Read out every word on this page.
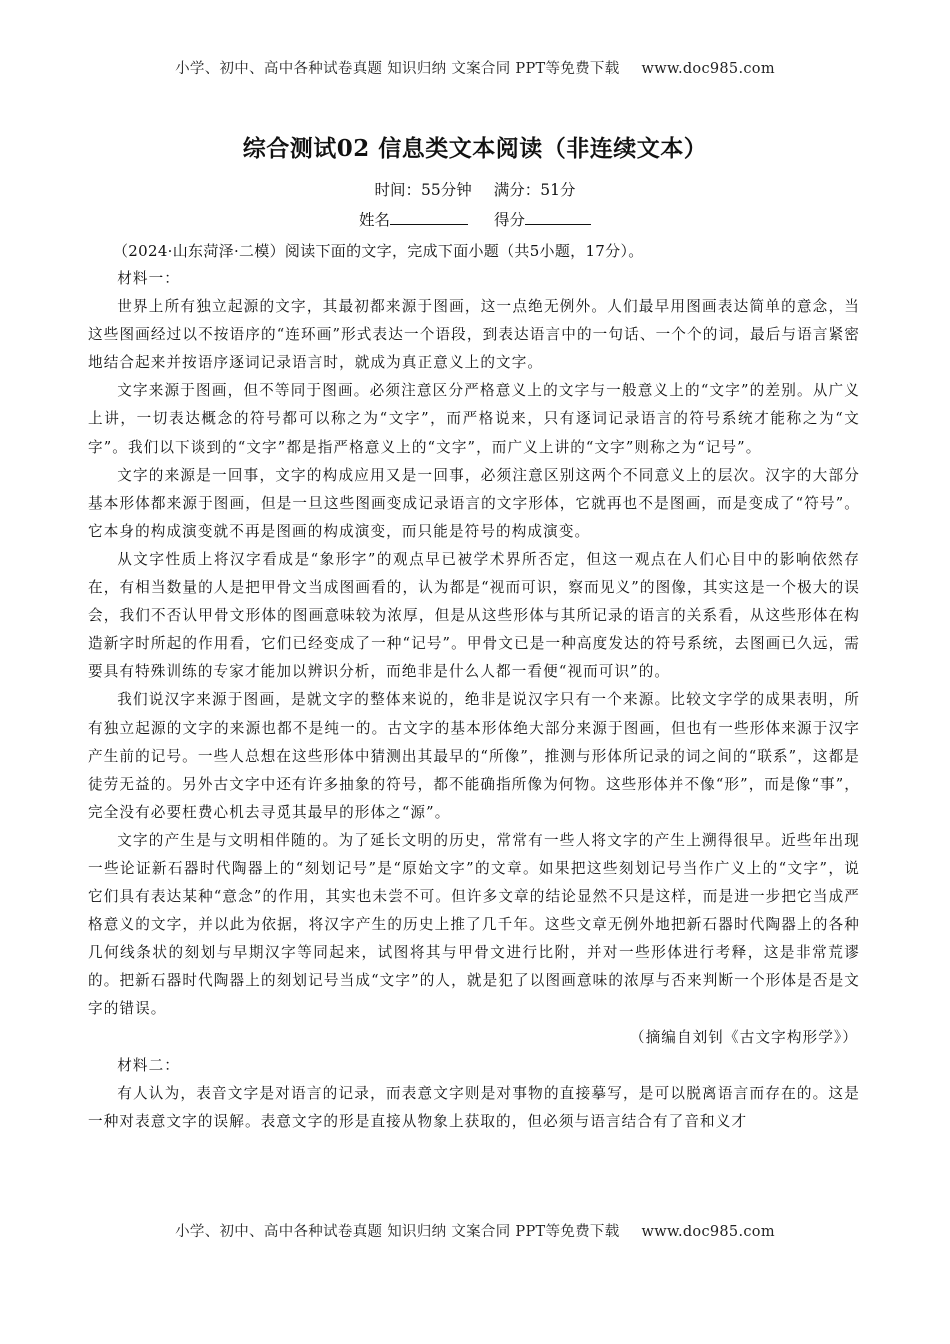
小学、初中、高中各种试卷真题 知识归纳 文案合同 PPT等免费下载 www.doc985.com
综合测试02 信息类文本阅读（非连续文本）
时间：55分钟 满分：51分
姓名	得分
（2024·山东菏泽·二模）阅读下面的文字，完成下面小题（共5小题，17分）。

材料一：

世界上所有独立起源的文字，其最初都来源于图画，这一点绝无例外。人们最早用图画表达简单的意念，当这些图画经过以不按语序的“连环画”形式表达一个语段，到表达语言中的一句话、一个个的词，最后与语言紧密地结合起来并按语序逐词记录语言时，就成为真正意义上的文字。

文字来源于图画，但不等同于图画。必须注意区分严格意义上的文字与一般意义上的“文字”的差别。从广义上讲，一切表达概念的符号都可以称之为“文字”，而严格说来，只有逐词记录语言的符号系统才能称之为“文字”。我们以下谈到的“文字”都是指严格意义上的“文字”，而广义上讲的“文字”则称之为“记号”。

文字的来源是一回事，文字的构成应用又是一回事，必须注意区别这两个不同意义上的层次。汉字的大部分基本形体都来源于图画，但是一旦这些图画变成记录语言的文字形体，它就再也不是图画，而是变成了“符号”。它本身的构成演变就不再是图画的构成演变，而只能是符号的构成演变。

从文字性质上将汉字看成是“象形字”的观点早已被学术界所否定，但这一观点在人们心目中的影响依然存在，有相当数量的人是把甲骨文当成图画看的，认为都是“视而可识，察而见义”的图像，其实这是一个极大的误会，我们不否认甲骨文形体的图画意味较为浓厚，但是从这些形体与其所记录的语言的关系看，从这些形体在构造新字时所起的作用看，它们已经变成了一种“记号”。甲骨文已是一种高度发达的符号系统，去图画已久远，需要具有特殊训练的专家才能加以辨识分析，而绝非是什么人都一看便“视而可识”的。

我们说汉字来源于图画，是就文字的整体来说的，绝非是说汉字只有一个来源。比较文字学的成果表明，所有独立起源的文字的来源也都不是纯一的。古文字的基本形体绝大部分来源于图画，但也有一些形体来源于汉字产生前的记号。一些人总想在这些形体中猜测出其最早的“所像”，推测与形体所记录的词之间的“联系”，这都是徒劳无益的。另外古文字中还有许多抽象的符号，都不能确指所像为何物。这些形体并不像“形”，而是像“事”，完全没有必要枉费心机去寻觅其最早的形体之“源”。

文字的产生是与文明相伴随的。为了延长文明的历史，常常有一些人将文字的产生上溯得很早。近些年出现一些论证新石器时代陶器上的“刻划记号”是“原始文字”的文章。如果把这些刻划记号当作广义上的“文字”，说它们具有表达某种“意念”的作用，其实也未尝不可。但许多文章的结论显然不只是这样，而是进一步把它当成严格意义的文字，并以此为依据，将汉字产生的历史上推了几千年。这些文章无例外地把新石器时代陶器上的各种几何线条状的刻划与早期汉字等同起来，试图将其与甲骨文进行比附，并对一些形体进行考释，这是非常荒谬的。把新石器时代陶器上的刻划记号当成“文字”的人，就是犯了以图画意味的浓厚与否来判断一个形体是否是文字的错误。

（摘编自刘钊《古文字构形学》）

材料二：

有人认为，表音文字是对语言的记录，而表意文字则是对事物的直接摹写，是可以脱离语言而存在的。这是一种对表意文字的误解。表意文字的形是直接从物象上获取的，但必须与语言结合有了音和义才

小学、初中、高中各种试卷真题 知识归纳 文案合同 PPT等免费下载 www.doc985.com
